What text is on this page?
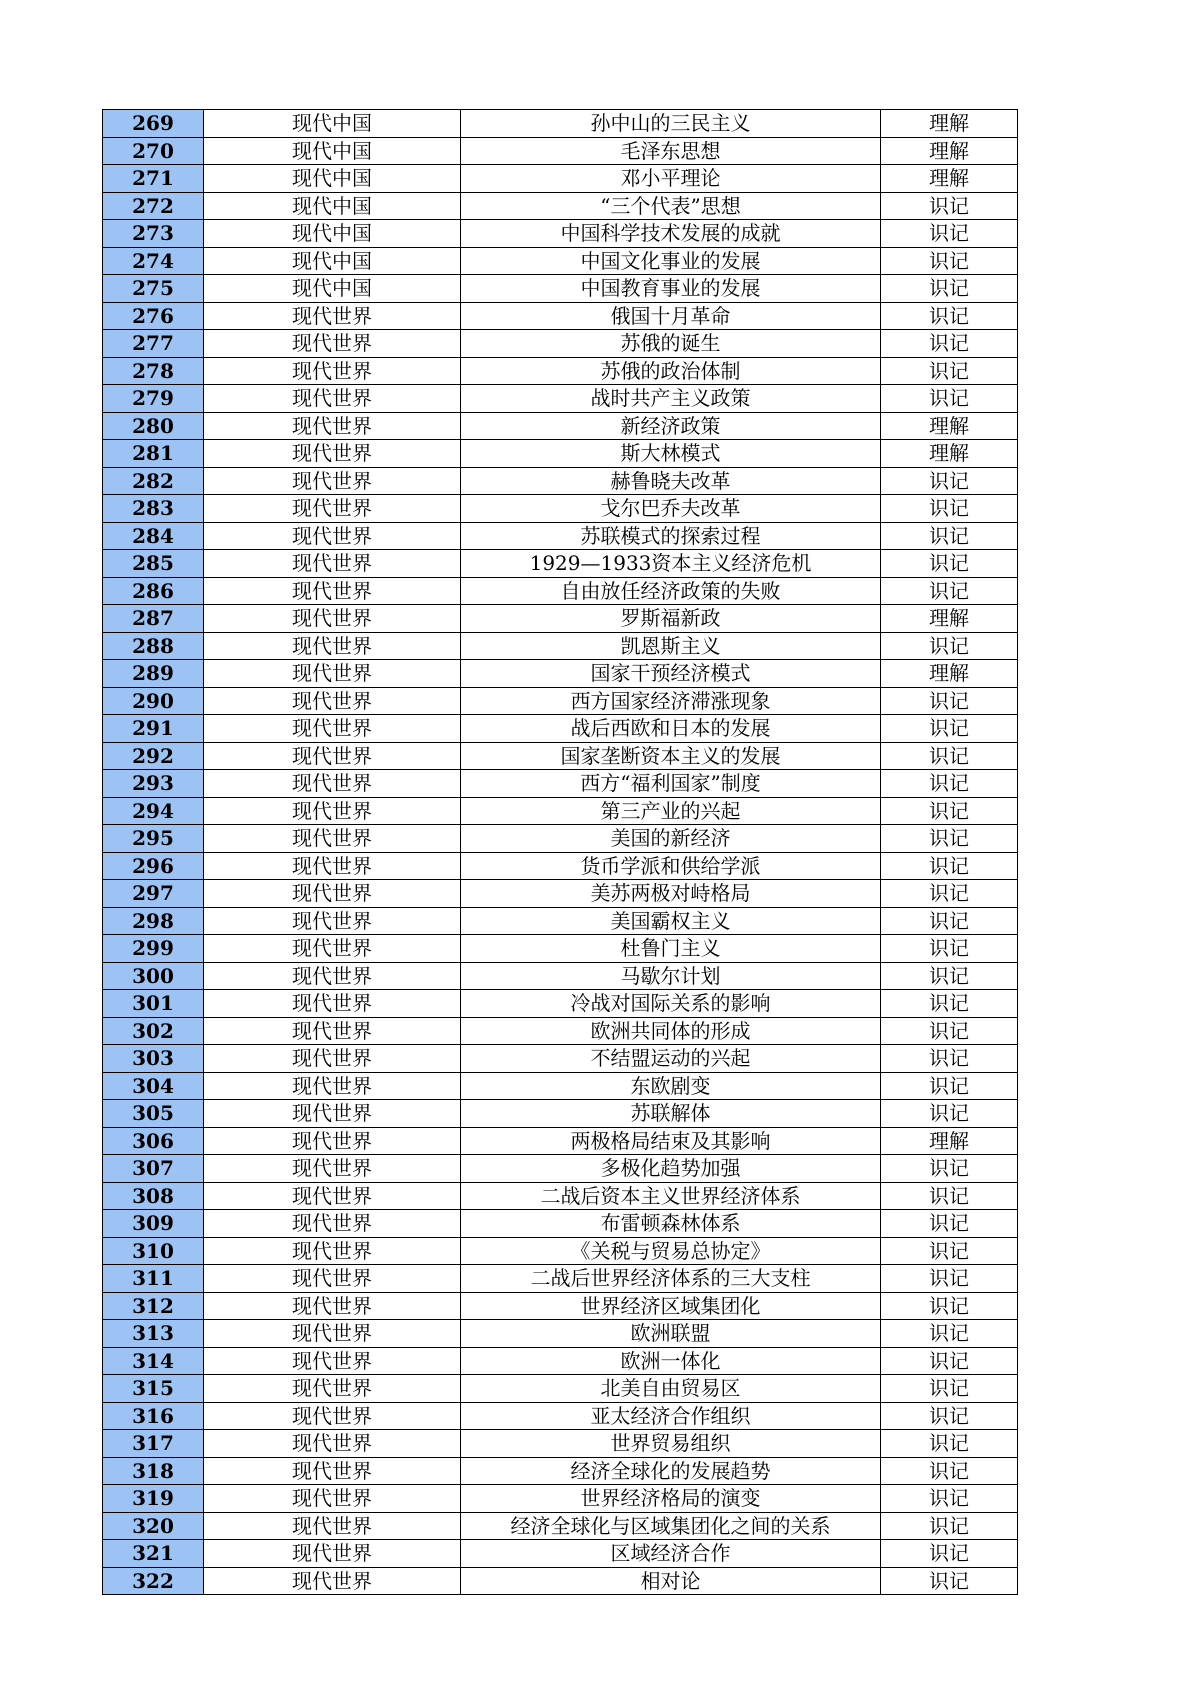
269	现代中国	孙中山的三民主义	理解
270	现代中国	毛泽东思想	理解
271	现代中国	邓小平理论	理解
272	现代中国	“三个代表”思想	识记
273	现代中国	中国科学技术发展的成就	识记
274	现代中国	中国文化事业的发展	识记
275	现代中国	中国教育事业的发展	识记
276	现代世界	俄国十月革命	识记
277	现代世界	苏俄的诞生	识记
278	现代世界	苏俄的政治体制	识记
279	现代世界	战时共产主义政策	识记
280	现代世界	新经济政策	理解
281	现代世界	斯大林模式	理解
282	现代世界	赫鲁晓夫改革	识记
283	现代世界	戈尔巴乔夫改革	识记
284	现代世界	苏联模式的探索过程	识记
285	现代世界	1929—1933资本主义经济危机	识记
286	现代世界	自由放任经济政策的失败	识记
287	现代世界	罗斯福新政	理解
288	现代世界	凯恩斯主义	识记
289	现代世界	国家干预经济模式	理解
290	现代世界	西方国家经济滞涨现象	识记
291	现代世界	战后西欧和日本的发展	识记
292	现代世界	国家垄断资本主义的发展	识记
293	现代世界	西方“福利国家”制度	识记
294	现代世界	第三产业的兴起	识记
295	现代世界	美国的新经济	识记
296	现代世界	货币学派和供给学派	识记
297	现代世界	美苏两极对峙格局	识记
298	现代世界	美国霸权主义	识记
299	现代世界	杜鲁门主义	识记
300	现代世界	马歇尔计划	识记
301	现代世界	冷战对国际关系的影响	识记
302	现代世界	欧洲共同体的形成	识记
303	现代世界	不结盟运动的兴起	识记
304	现代世界	东欧剧变	识记
305	现代世界	苏联解体	识记
306	现代世界	两极格局结束及其影响	理解
307	现代世界	多极化趋势加强	识记
308	现代世界	二战后资本主义世界经济体系	识记
309	现代世界	布雷顿森林体系	识记
310	现代世界	《关税与贸易总协定》	识记
311	现代世界	二战后世界经济体系的三大支柱	识记
312	现代世界	世界经济区域集团化	识记
313	现代世界	欧洲联盟	识记
314	现代世界	欧洲一体化	识记
315	现代世界	北美自由贸易区	识记
316	现代世界	亚太经济合作组织	识记
317	现代世界	世界贸易组织	识记
318	现代世界	经济全球化的发展趋势	识记
319	现代世界	世界经济格局的演变	识记
320	现代世界	经济全球化与区域集团化之间的关系	识记
321	现代世界	区域经济合作	识记
322	现代世界	相对论	识记
